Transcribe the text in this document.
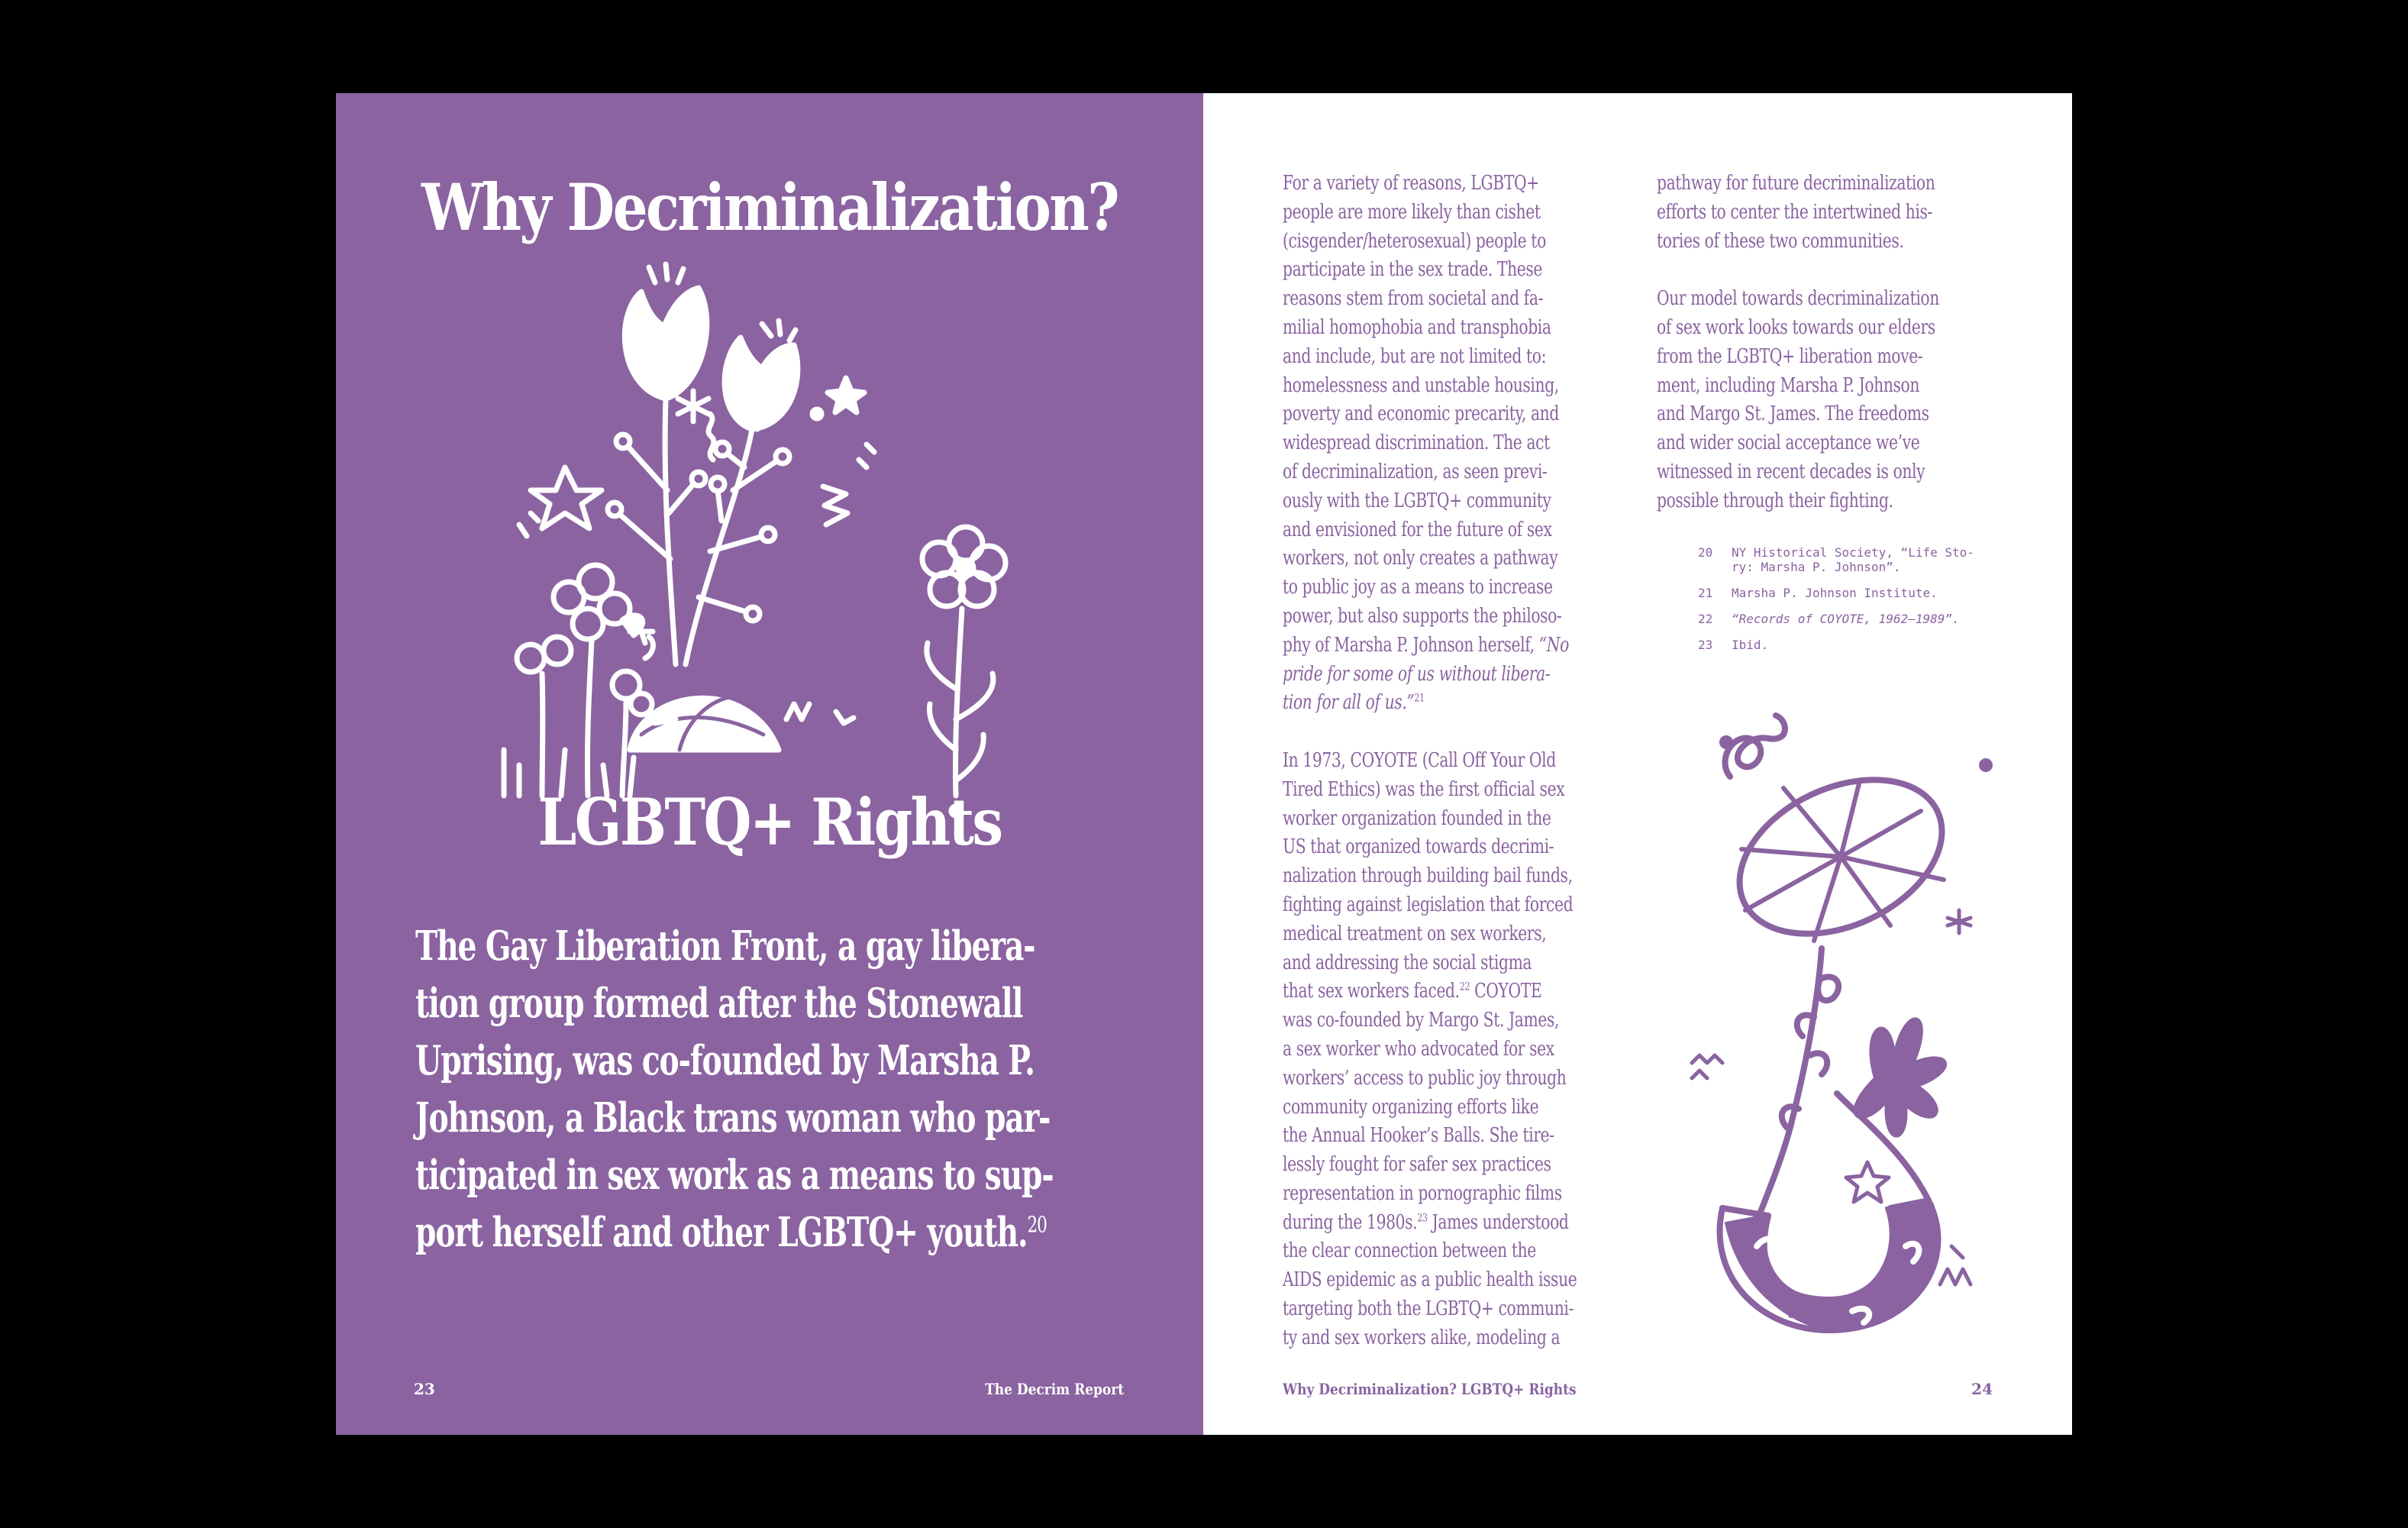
Why Decriminalization?
LGBTQ+ Rights
The Gay Liberation Front, a gay libera-
tion group formed after the Stonewall
Uprising, was co-founded by Marsha P.
Johnson, a Black trans woman who par-
ticipated in sex work as a means to sup-
port herself and other LGBTQ+ youth.$^{20}$
23	The Decrim Report
For a variety of reasons, LGBTQ+
people are more likely than cishet
(cisgender/heterosexual) people to
participate in the sex trade. These
reasons stem from societal and fa-
milial homophobia and transphobia
and include, but are not limited to:
homelessness and unstable housing,
poverty and economic precarity, and
widespread discrimination. The act
of decriminalization, as seen previ-
ously with the LGBTQ+ community
and envisioned for the future of sex
workers, not only creates a pathway
to public joy as a means to increase
power, but also supports the philoso-
phy of Marsha P. Johnson herself, “No
pride for some of us without libera-
tion for all of us.”$^{21}$
In 1973, COYOTE (Call Off Your Old
Tired Ethics) was the first official sex
worker organization founded in the
US that organized towards decrimi-
nalization through building bail funds,
fighting against legislation that forced
medical treatment on sex workers,
and addressing the social stigma
that sex workers faced.$^{22}$ COYOTE
was co-founded by Margo St. James,
a sex worker who advocated for sex
workers’ access to public joy through
community organizing efforts like
the Annual Hooker’s Balls. She tire-
lessly fought for safer sex practices
representation in pornographic films
during the 1980s.$^{23}$ James understood
the clear connection between the
AIDS epidemic as a public health issue
targeting both the LGBTQ+ communi-
ty and sex workers alike, modeling a
pathway for future decriminalization
efforts to center the intertwined his-
tories of these two communities.
Our model towards decriminalization
of sex work looks towards our elders
from the LGBTQ+ liberation move-
ment, including Marsha P. Johnson
and Margo St. James. The freedoms
and wider social acceptance we’ve
witnessed in recent decades is only
possible through their fighting.
20 NY Historical Society, “Life Sto-
ry: Marsha P. Johnson”.
21 Marsha P. Johnson Institute.
22 “Records of COYOTE, 1962–1989”.
23 Ibid.
Why Decriminalization? LGBTQ+ Rights	24
